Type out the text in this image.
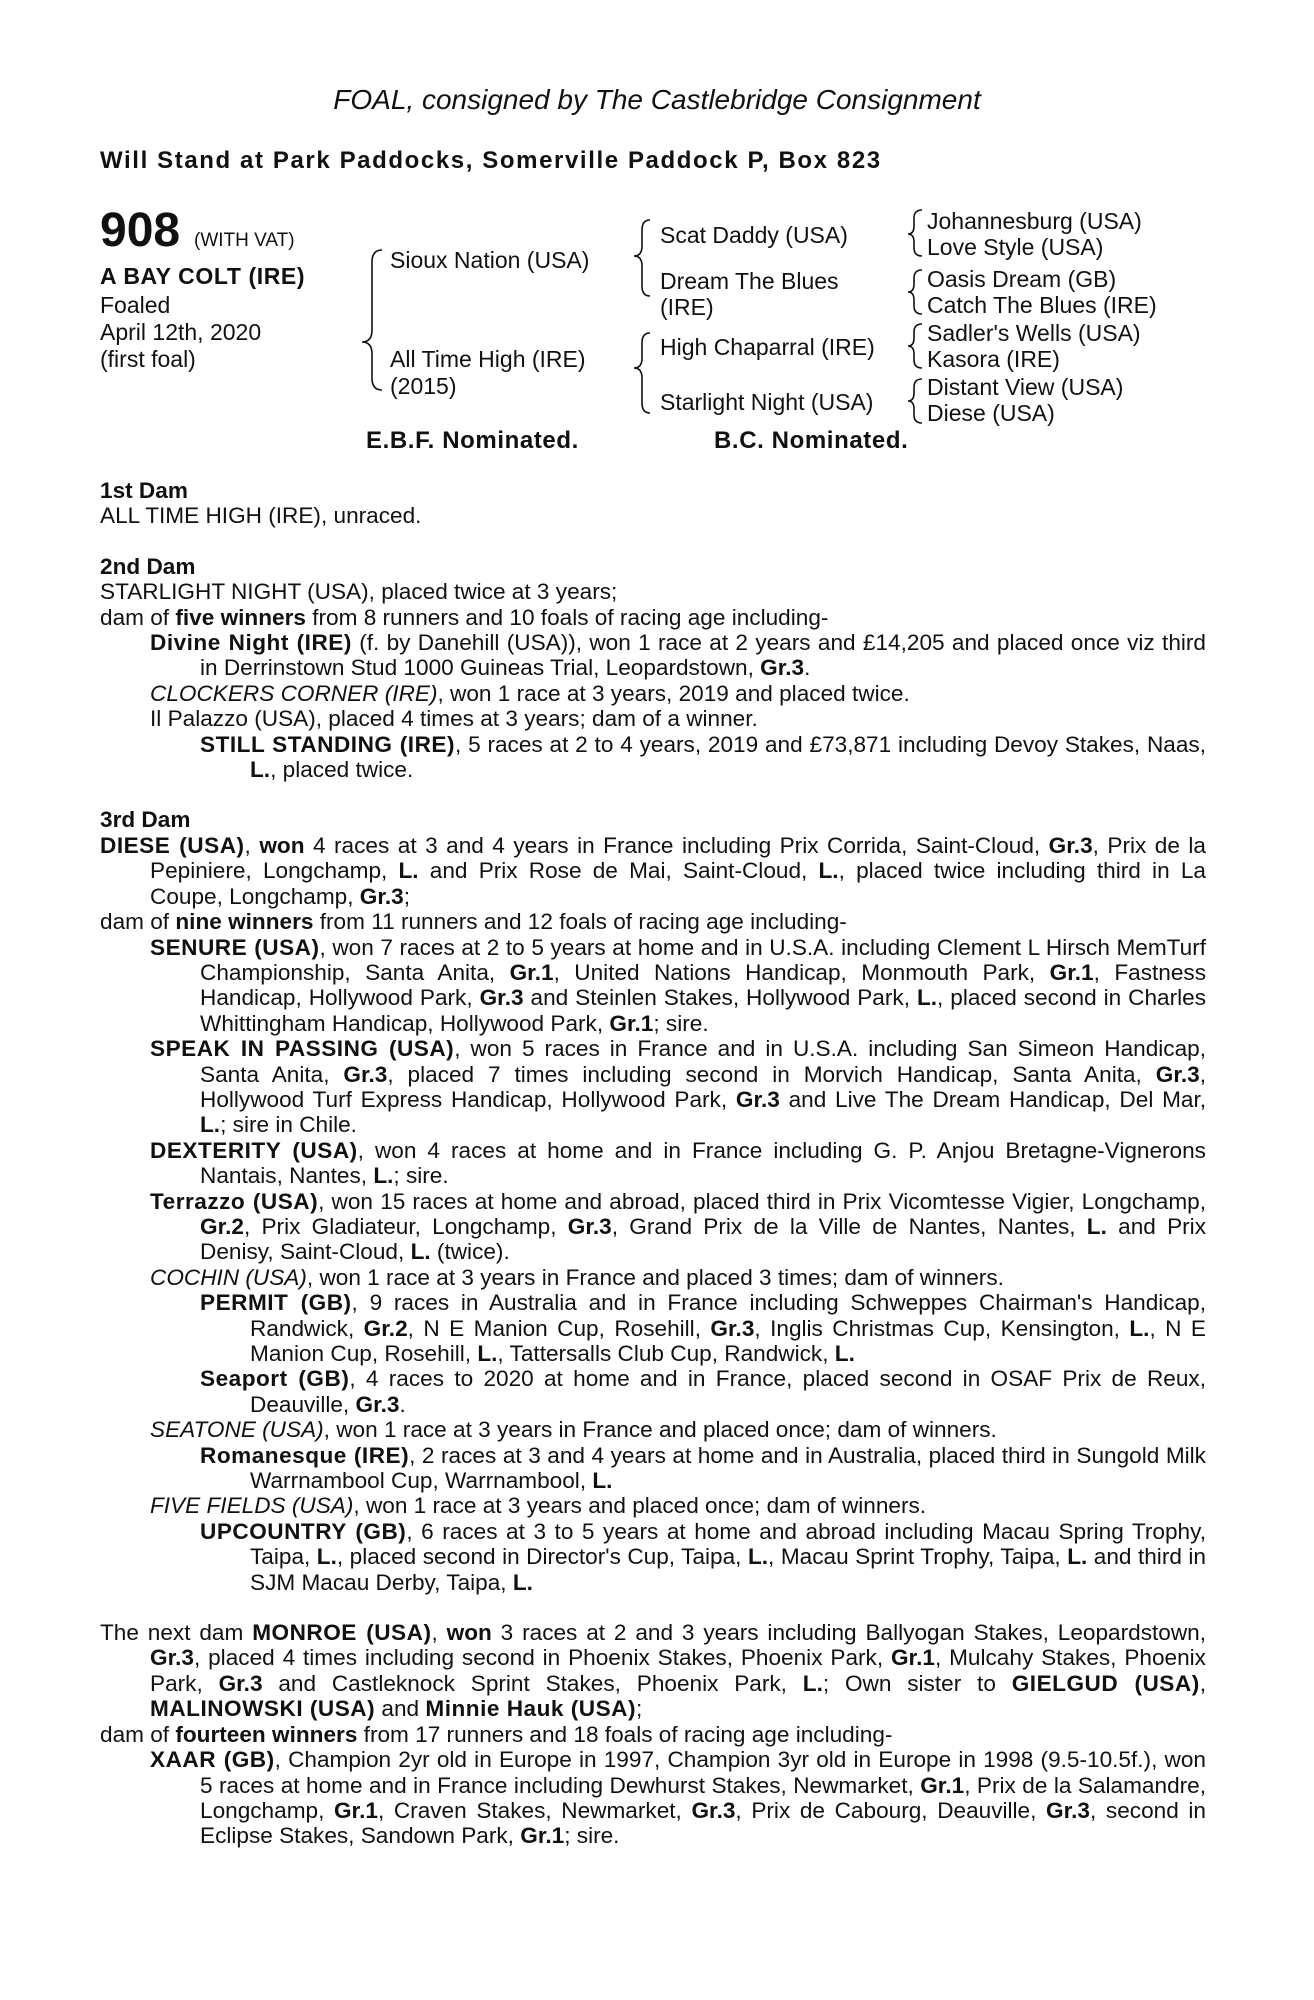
FOAL, consigned by The Castlebridge Consignment
Will Stand at Park Paddocks, Somerville Paddock P, Box 823
908 (WITH VAT)
A BAY COLT (IRE)
Foaled
April 12th, 2020
(first foal)
Sioux Nation (USA)
All Time High (IRE)
(2015)
Scat Daddy (USA)
Dream The Blues
(IRE)
High Chaparral (IRE)
Starlight Night (USA)
Johannesburg (USA)
Love Style (USA)
Oasis Dream (GB)
Catch The Blues (IRE)
Sadler's Wells (USA)
Kasora (IRE)
Distant View (USA)
Diese (USA)
E.B.F. Nominated.	B.C. Nominated.
1st Dam

ALL TIME HIGH (IRE), unraced.

2nd Dam

STARLIGHT NIGHT (USA), placed twice at 3 years;

dam of five winners from 8 runners and 10 foals of racing age including-

Divine Night (IRE) (f. by Danehill (USA)), won 1 race at 2 years and £14,205 and placed once viz third in Derrinstown Stud 1000 Guineas Trial, Leopardstown, Gr.3.

CLOCKERS CORNER (IRE), won 1 race at 3 years, 2019 and placed twice.

Il Palazzo (USA), placed 4 times at 3 years; dam of a winner.

STILL STANDING (IRE), 5 races at 2 to 4 years, 2019 and £73,871 including Devoy Stakes, Naas, L., placed twice.

3rd Dam

DIESE (USA), won 4 races at 3 and 4 years in France including Prix Corrida, Saint-Cloud, Gr.3, Prix de la Pepiniere, Longchamp, L. and Prix Rose de Mai, Saint-Cloud, L., placed twice including third in La Coupe, Longchamp, Gr.3;

dam of nine winners from 11 runners and 12 foals of racing age including-

SENURE (USA), won 7 races at 2 to 5 years at home and in U.S.A. including Clement L Hirsch MemTurf Championship, Santa Anita, Gr.1, United Nations Handicap, Monmouth Park, Gr.1, Fastness Handicap, Hollywood Park, Gr.3 and Steinlen Stakes, Hollywood Park, L., placed second in Charles Whittingham Handicap, Hollywood Park, Gr.1; sire.

SPEAK IN PASSING (USA), won 5 races in France and in U.S.A. including San Simeon Handicap, Santa Anita, Gr.3, placed 7 times including second in Morvich Handicap, Santa Anita, Gr.3, Hollywood Turf Express Handicap, Hollywood Park, Gr.3 and Live The Dream Handicap, Del Mar, L.; sire in Chile.

DEXTERITY (USA), won 4 races at home and in France including G. P. Anjou Bretagne-Vignerons Nantais, Nantes, L.; sire.

Terrazzo (USA), won 15 races at home and abroad, placed third in Prix Vicomtesse Vigier, Longchamp, Gr.2, Prix Gladiateur, Longchamp, Gr.3, Grand Prix de la Ville de Nantes, Nantes, L. and Prix Denisy, Saint-Cloud, L. (twice).

COCHIN (USA), won 1 race at 3 years in France and placed 3 times; dam of winners.

PERMIT (GB), 9 races in Australia and in France including Schweppes Chairman's Handicap, Randwick, Gr.2, N E Manion Cup, Rosehill, Gr.3, Inglis Christmas Cup, Kensington, L., N E Manion Cup, Rosehill, L., Tattersalls Club Cup, Randwick, L.

Seaport (GB), 4 races to 2020 at home and in France, placed second in OSAF Prix de Reux, Deauville, Gr.3.

SEATONE (USA), won 1 race at 3 years in France and placed once; dam of winners.

Romanesque (IRE), 2 races at 3 and 4 years at home and in Australia, placed third in Sungold Milk Warrnambool Cup, Warrnambool, L.

FIVE FIELDS (USA), won 1 race at 3 years and placed once; dam of winners.

UPCOUNTRY (GB), 6 races at 3 to 5 years at home and abroad including Macau Spring Trophy, Taipa, L., placed second in Director's Cup, Taipa, L., Macau Sprint Trophy, Taipa, L. and third in SJM Macau Derby, Taipa, L.

The next dam MONROE (USA), won 3 races at 2 and 3 years including Ballyogan Stakes, Leopardstown, Gr.3, placed 4 times including second in Phoenix Stakes, Phoenix Park, Gr.1, Mulcahy Stakes, Phoenix Park, Gr.3 and Castleknock Sprint Stakes, Phoenix Park, L.; Own sister to GIELGUD (USA), MALINOWSKI (USA) and Minnie Hauk (USA);

dam of fourteen winners from 17 runners and 18 foals of racing age including-

XAAR (GB), Champion 2yr old in Europe in 1997, Champion 3yr old in Europe in 1998 (9.5-10.5f.), won 5 races at home and in France including Dewhurst Stakes, Newmarket, Gr.1, Prix de la Salamandre, Longchamp, Gr.1, Craven Stakes, Newmarket, Gr.3, Prix de Cabourg, Deauville, Gr.3, second in Eclipse Stakes, Sandown Park, Gr.1; sire.
